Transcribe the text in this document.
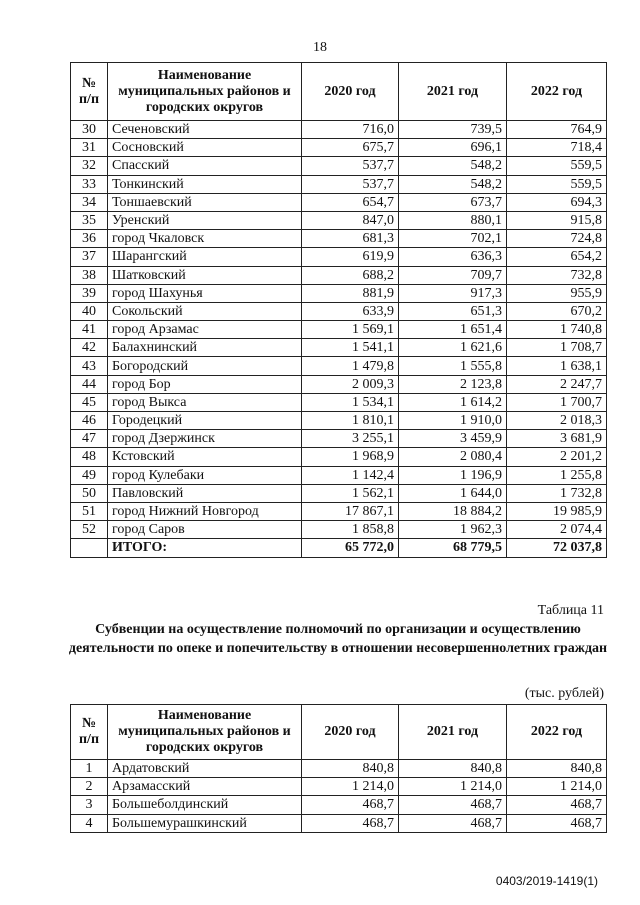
18
№ п/п	Наименование муниципальных районов и городских округов	2020 год	2021 год	2022 год
30	Сеченовский	716,0	739,5	764,9
31	Сосновский	675,7	696,1	718,4
32	Спасский	537,7	548,2	559,5
33	Тонкинский	537,7	548,2	559,5
34	Тоншаевский	654,7	673,7	694,3
35	Уренский	847,0	880,1	915,8
36	город Чкаловск	681,3	702,1	724,8
37	Шарангский	619,9	636,3	654,2
38	Шатковский	688,2	709,7	732,8
39	город Шахунья	881,9	917,3	955,9
40	Сокольский	633,9	651,3	670,2
41	город Арзамас	1 569,1	1 651,4	1 740,8
42	Балахнинский	1 541,1	1 621,6	1 708,7
43	Богородский	1 479,8	1 555,8	1 638,1
44	город Бор	2 009,3	2 123,8	2 247,7
45	город Выкса	1 534,1	1 614,2	1 700,7
46	Городецкий	1 810,1	1 910,0	2 018,3
47	город Дзержинск	3 255,1	3 459,9	3 681,9
48	Кстовский	1 968,9	2 080,4	2 201,2
49	город Кулебаки	1 142,4	1 196,9	1 255,8
50	Павловский	1 562,1	1 644,0	1 732,8
51	город Нижний Новгород	17 867,1	18 884,2	19 985,9
52	город Саров	1 858,8	1 962,3	2 074,4
	ИТОГО:	65 772,0	68 779,5	72 037,8
Таблица 11
Субвенции на осуществление полномочий по организации и осуществлению деятельности по опеке и попечительству в отношении несовершеннолетних граждан
(тыс. рублей)
№ п/п	Наименование муниципальных районов и городских округов	2020 год	2021 год	2022 год
1	Ардатовский	840,8	840,8	840,8
2	Арзамасский	1 214,0	1 214,0	1 214,0
3	Большеболдинский	468,7	468,7	468,7
4	Большемурашкинский	468,7	468,7	468,7
0403/2019-1419(1)
